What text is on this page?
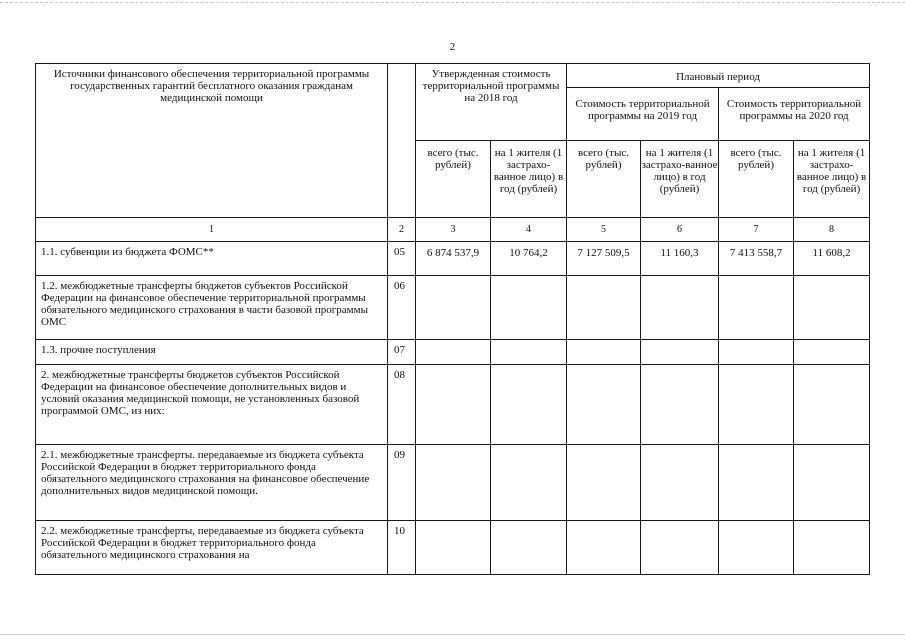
2
Источники финансового обеспечения территориальной программы государственных гарантий бесплатного оказания гражданам медицинской помощи		Утвержденная стоимость территориальной программы на 2018 год		Плановый период			
				Стоимость территориальной программы на 2019 год		Стоимость территориальной программы на 2020 год	
		всего (тыс. рублей)	на 1 жителя (1 застрахо-ванное лицо) в год (рублей)	всего (тыс. рублей)	на 1 жителя (1 застрахо-ванное лицо) в год (рублей)	всего (тыс. рублей)	на 1 жителя (1 застрахо-ванное лицо) в год (рублей)
1	2	3	4	5	6	7	8
1.1. субвенции из бюджета ФОМС**	05	6 874 537,9	10 764,2	7 127 509,5	11 160,3	7 413 558,7	11 608,2
1.2. межбюджетные трансферты бюджетов субъектов Российской Федерации на финансовое обеспечение территориальной программы обязательного медицинского страхования в части базовой программы ОМС	06						
1.3. прочие поступления	07						
2. межбюджетные трансферты бюджетов субъектов Российской Федерации на финансовое обеспечение дополнительных видов и условий оказания медицинской помощи, не установленных базовой программой ОМС, из них:	08						
2.1. межбюджетные трансферты. передаваемые из бюджета субъекта Российской Федерации в бюджет территориального фонда обязательного медицинского страхования на финансовое обеспечение дополнительных видов медицинской помощи.	09						
2.2. межбюджетные трансферты, передаваемые из бюджета субъекта Российской Федерации в бюджет территориального фонда обязательного медицинского страхования на	10						
